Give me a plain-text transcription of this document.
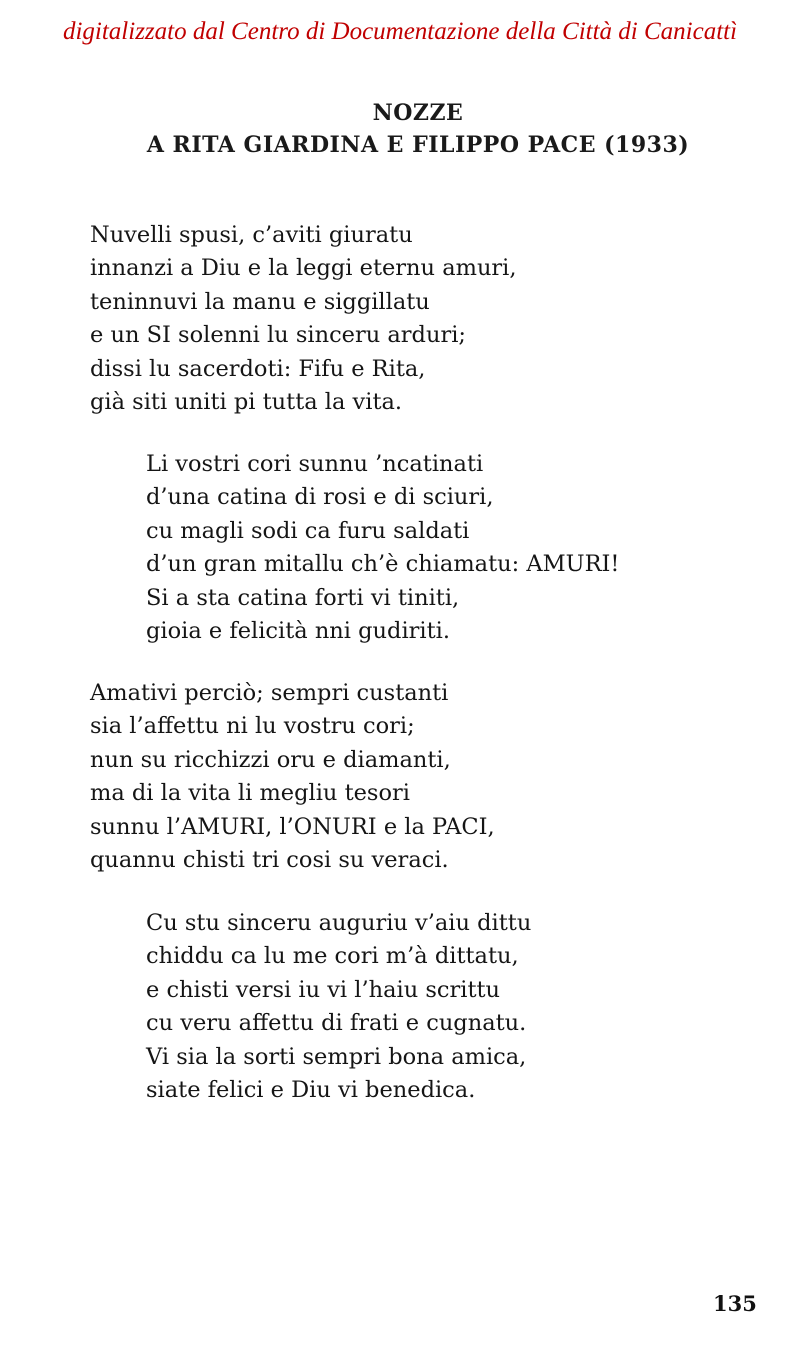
digitalizzato dal Centro di Documentazione della Città di Canicattì
NOZZE
A RITA GIARDINA E FILIPPO PACE (1933)
Nuvelli spusi, c’aviti giuratu
innanzi a Diu e la leggi eternu amuri,
teninnuvi la manu e siggillatu
e un SI solenni lu sinceru arduri;
dissi lu sacerdoti: Fifu e Rita,
già siti uniti pi tutta la vita.
Li vostri cori sunnu ’ncatinati
d’una catina di rosi e di sciuri,
cu magli sodi ca furu saldati
d’un gran mitallu ch’è chiamatu: AMURI!
Si a sta catina forti vi tiniti,
gioia e felicità nni gudiriti.
Amativi perciò; sempri custanti
sia l’affettu ni lu vostru cori;
nun su ricchizzi oru e diamanti,
ma di la vita li megliu tesori
sunnu l’AMURI, l’ONURI e la PACI,
quannu chisti tri cosi su veraci.
Cu stu sinceru auguriu v’aiu dittu
chiddu ca lu me cori m’à dittatu,
e chisti versi iu vi l’haiu scrittu
cu veru affettu di frati e cugnatu.
Vi sia la sorti sempri bona amica,
siate felici e Diu vi benedica.
135
